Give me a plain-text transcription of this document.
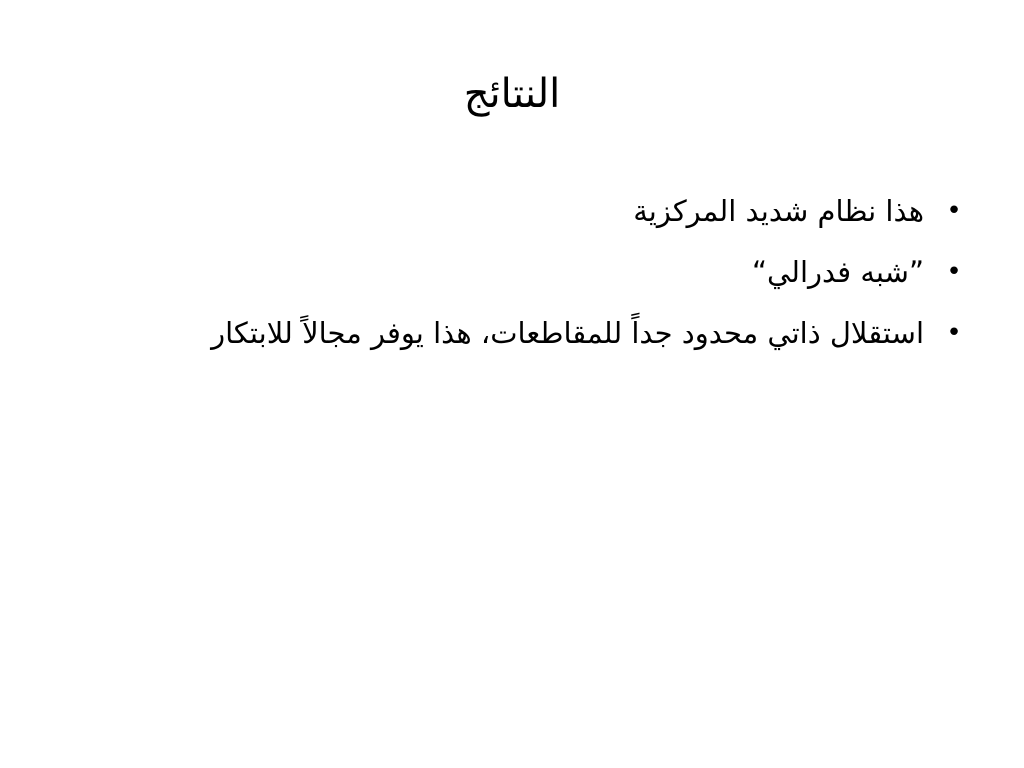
النتائج
•
هذا نظام شديد المركزية
•
”شبه فدرالي“
•
استقلال ذاتي محدود جداً للمقاطعات، هذا يوفر مجالاً للابتكار
